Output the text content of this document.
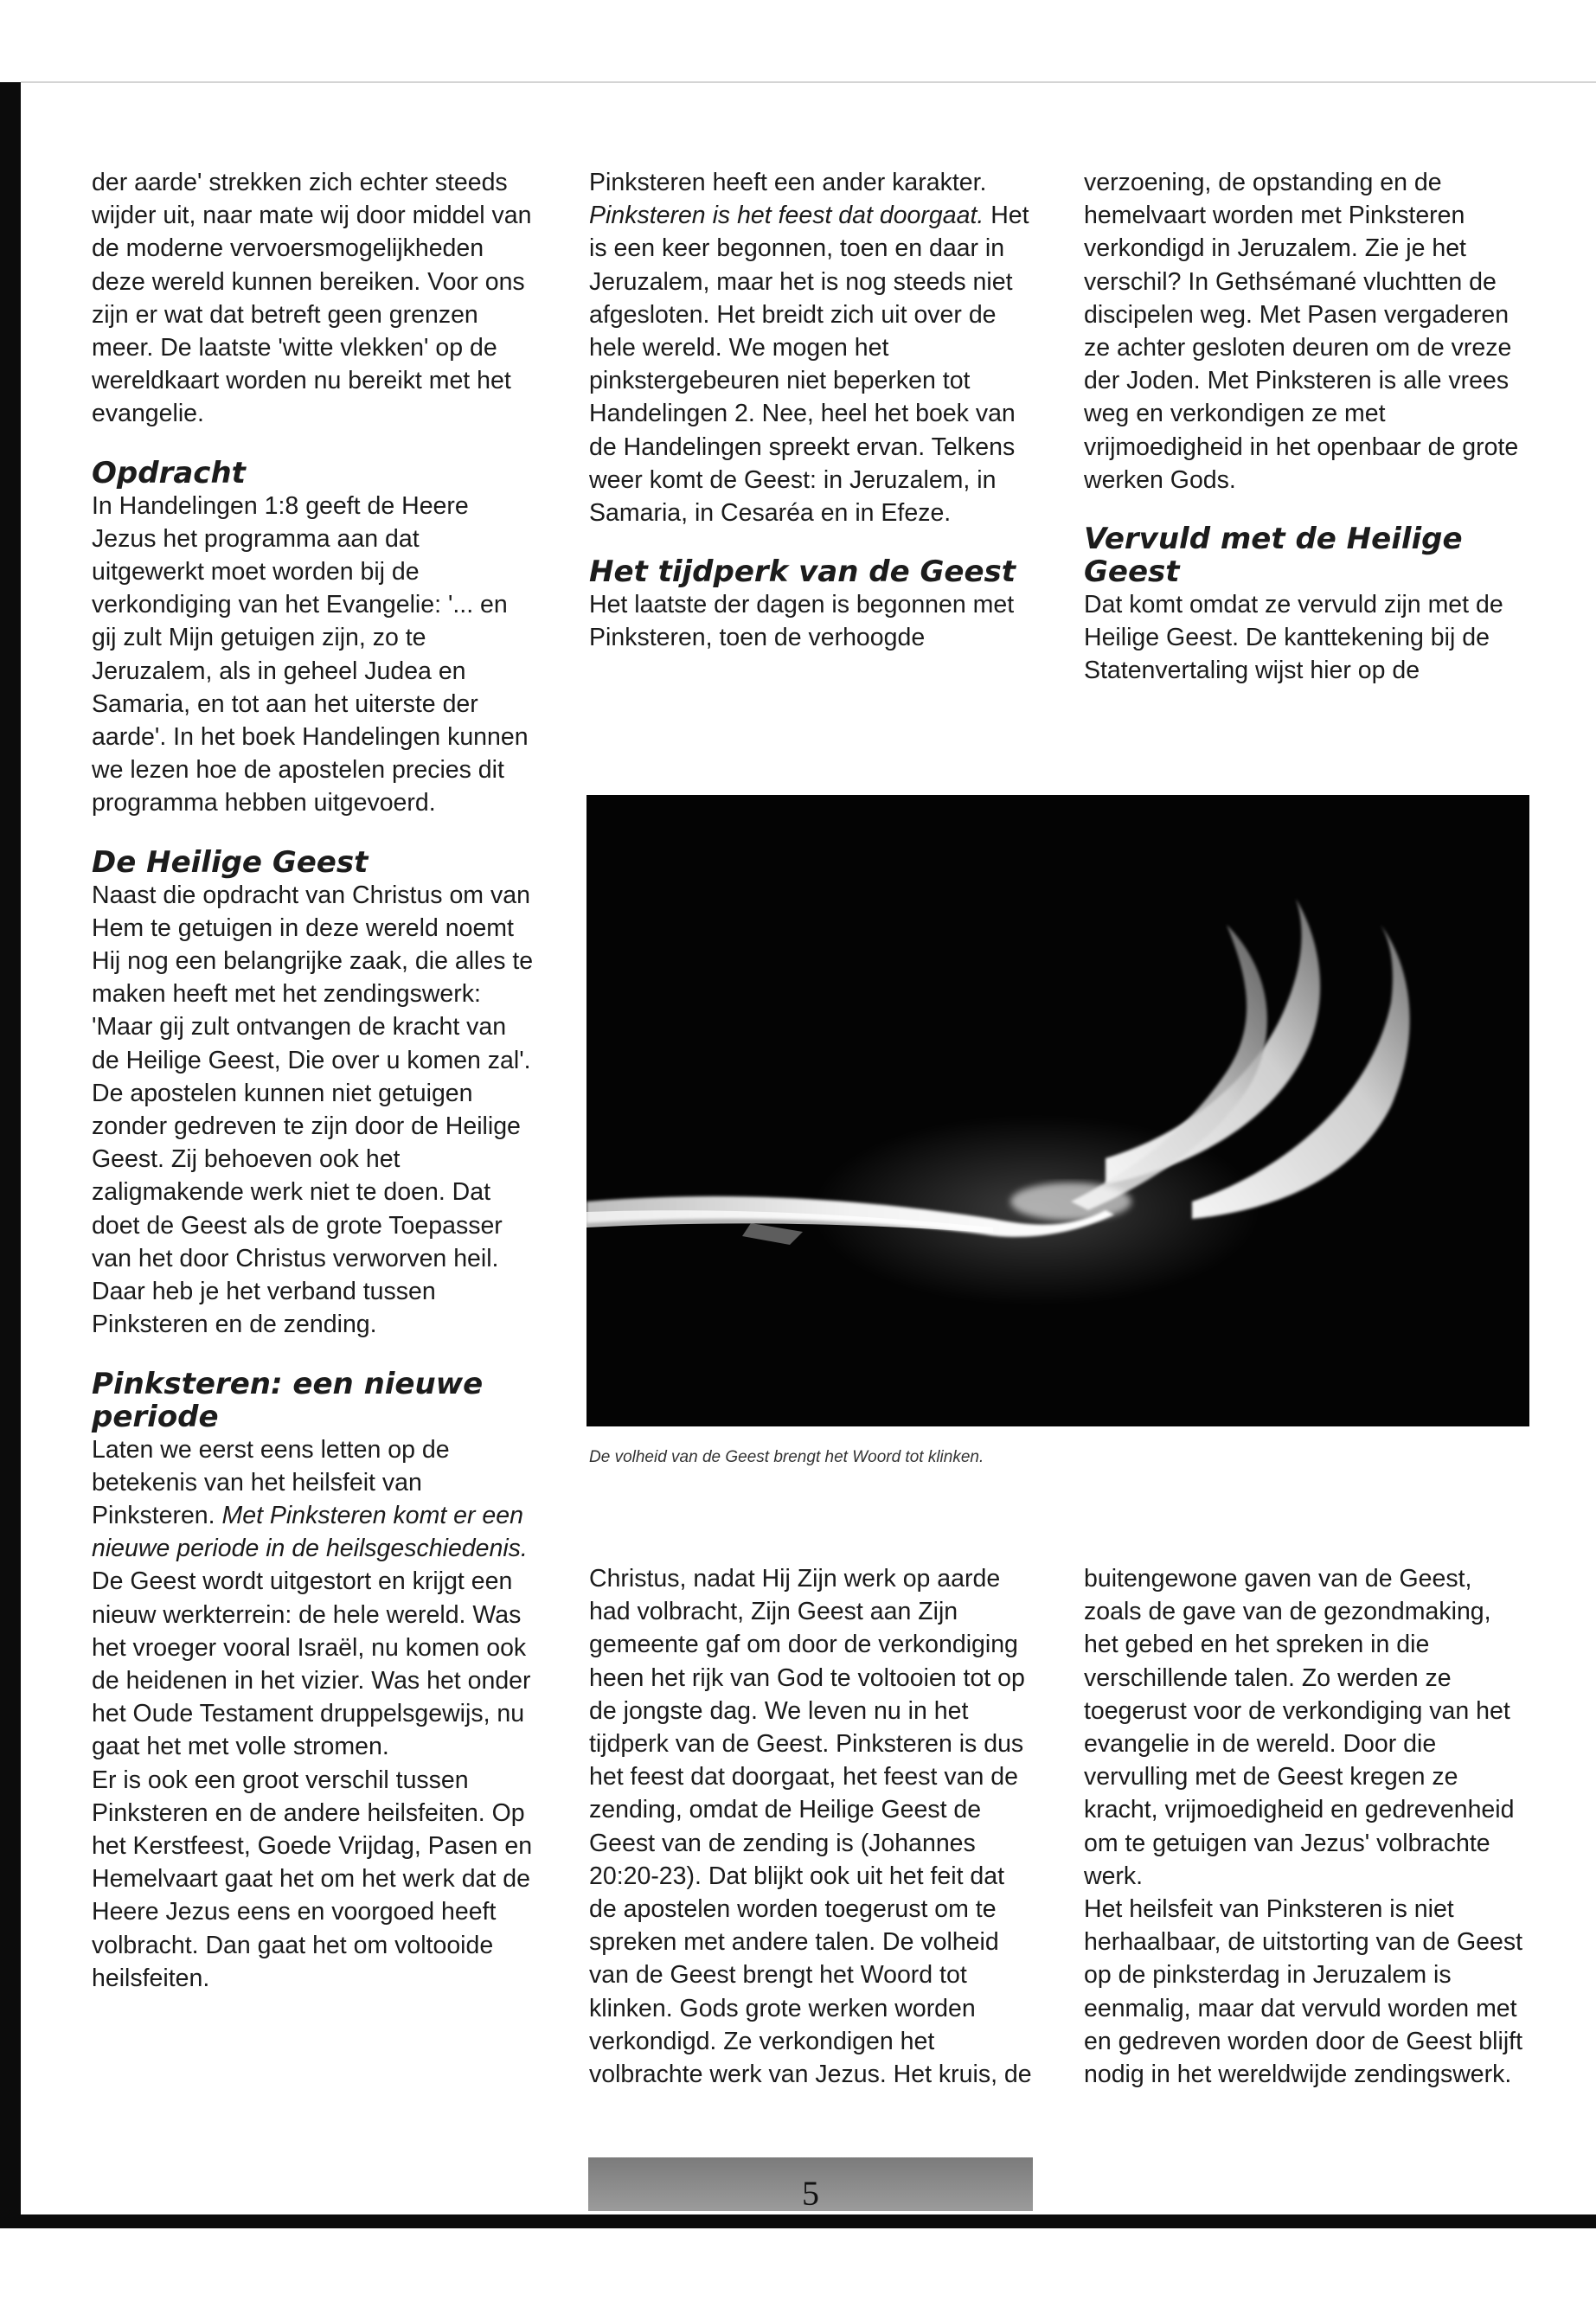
der aarde' strekken zich echter steeds wijder uit, naar mate wij door middel van de moderne vervoersmogelijkheden deze wereld kunnen bereiken. Voor ons zijn er wat dat betreft geen grenzen meer. De laatste 'witte vlekken' op de wereldkaart worden nu bereikt met het evangelie.

Opdracht

In Handelingen 1:8 geeft de Heere Jezus het programma aan dat uitgewerkt moet worden bij de verkondiging van het Evangelie: '... en gij zult Mijn getuigen zijn, zo te Jeruzalem, als in geheel Judea en Samaria, en tot aan het uiterste der aarde'. In het boek Handelingen kunnen we lezen hoe de apostelen precies dit programma hebben uitgevoerd.

De Heilige Geest

Naast die opdracht van Christus om van Hem te getuigen in deze wereld noemt Hij nog een belangrijke zaak, die alles te maken heeft met het zendingswerk: 'Maar gij zult ontvangen de kracht van de Heilige Geest, Die over u komen zal'. De apostelen kunnen niet getuigen zonder gedreven te zijn door de Heilige Geest. Zij behoeven ook het zaligmakende werk niet te doen. Dat doet de Geest als de grote Toepasser van het door Christus verworven heil. Daar heb je het verband tussen Pinksteren en de zending.

Pinksteren: een nieuwe periode

Laten we eerst eens letten op de betekenis van het heilsfeit van Pinksteren. Met Pinksteren komt er een nieuwe periode in de heilsgeschiedenis. De Geest wordt uitgestort en krijgt een nieuw werkterrein: de hele wereld. Was het vroeger vooral Israël, nu komen ook de heidenen in het vizier. Was het onder het Oude Testament druppelsgewijs, nu gaat het met volle stromen.

Er is ook een groot verschil tussen Pinksteren en de andere heilsfeiten. Op het Kerstfeest, Goede Vrijdag, Pasen en Hemelvaart gaat het om het werk dat de Heere Jezus eens en voorgoed heeft volbracht. Dan gaat het om voltooide heilsfeiten.

Pinksteren heeft een ander karakter. Pinksteren is het feest dat doorgaat. Het is een keer begonnen, toen en daar in Jeruzalem, maar het is nog steeds niet afgesloten. Het breidt zich uit over de hele wereld. We mogen het pinkstergebeuren niet beperken tot Handelingen 2. Nee, heel het boek van de Handelingen spreekt ervan. Telkens weer komt de Geest: in Jeruzalem, in Samaria, in Cesaréa en in Efeze.

Het tijdperk van de Geest

Het laatste der dagen is begonnen met Pinksteren, toen de verhoogde

verzoening, de opstanding en de hemelvaart worden met Pinksteren verkondigd in Jeruzalem. Zie je het verschil? In Gethsémané vluchtten de discipelen weg. Met Pasen vergaderen ze achter gesloten deuren om de vreze der Joden. Met Pinksteren is alle vrees weg en verkondigen ze met vrijmoedigheid in het openbaar de grote werken Gods.

Vervuld met de Heilige Geest

Dat komt omdat ze vervuld zijn met de Heilige Geest. De kanttekening bij de Statenvertaling wijst hier op de

De volheid van de Geest brengt het Woord tot klinken.

Christus, nadat Hij Zijn werk op aarde had volbracht, Zijn Geest aan Zijn gemeente gaf om door de verkondiging heen het rijk van God te voltooien tot op de jongste dag. We leven nu in het tijdperk van de Geest. Pinksteren is dus het feest dat doorgaat, het feest van de zending, omdat de Heilige Geest de Geest van de zending is (Johannes 20:20-23). Dat blijkt ook uit het feit dat de apostelen worden toegerust om te spreken met andere talen. De volheid van de Geest brengt het Woord tot klinken. Gods grote werken worden verkondigd. Ze verkondigen het volbrachte werk van Jezus. Het kruis, de

buitengewone gaven van de Geest, zoals de gave van de gezondmaking, het gebed en het spreken in die verschillende talen. Zo werden ze toegerust voor de verkondiging van het evangelie in de wereld. Door die vervulling met de Geest kregen ze kracht, vrijmoedigheid en gedrevenheid om te getuigen van Jezus' volbrachte werk.

Het heilsfeit van Pinksteren is niet herhaalbaar, de uitstorting van de Geest op de pinksterdag in Jeruzalem is eenmalig, maar dat vervuld worden met en gedreven worden door de Geest blijft nodig in het wereldwijde zendingswerk.

5
